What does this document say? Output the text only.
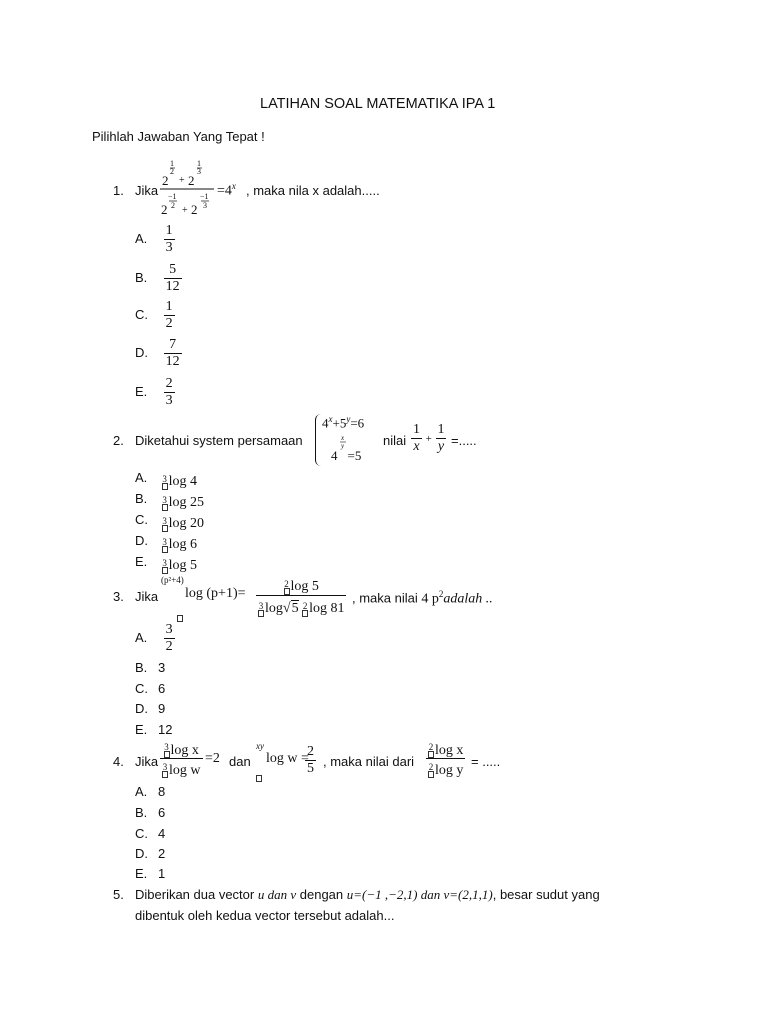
LATIHAN SOAL MATEMATIKA IPA 1
Pilihlah Jawaban Yang Tepat !
1. Jika
1
2
2 + 2
1
3
−1
2
2 + 2
−1
3
$=4^x$ , maka nila x adalah.....
A. $\frac{1}{3}$
B. $\frac{5}{12}$
C. $\frac{1}{2}$
D. $\frac{7}{12}$
E. $\frac{2}{3}$
2. Diketahui system persamaan
$4^x+5^y=6$
x
y
4 =5
nilai $\frac{1}{x} + \frac{1}{y}$ =.....
A. 3 log 4
B. 3 log 25
C. 3 log 20
D. 3 log 6
E. 3 log 5
3. Jika
(p²+4)
log (p+1)= 2 log 5
3 log √ 5
2 log 81 , maka nilai 4 $p^2adalah$ ..
A. $\frac{3}{2}$
B. 3
C. 6
D. 9
E. 12
4. Jika $\frac{\text{3 log x}}{\text{3 log w}} =2$ dan
xy
log w =
$\frac{2}{5}$ , maka nilai dari $\frac{\text{2 log x}}{\text{2 log y}}$ = .....
A. 8
B. 6
C. 4
D. 2
E. 1
5. Diberikan dua vector u dan v dengan u=(−1 ,−2,1) dan v=(2,1,1), besar sudut yang
dibentuk oleh kedua vector tersebut adalah...
